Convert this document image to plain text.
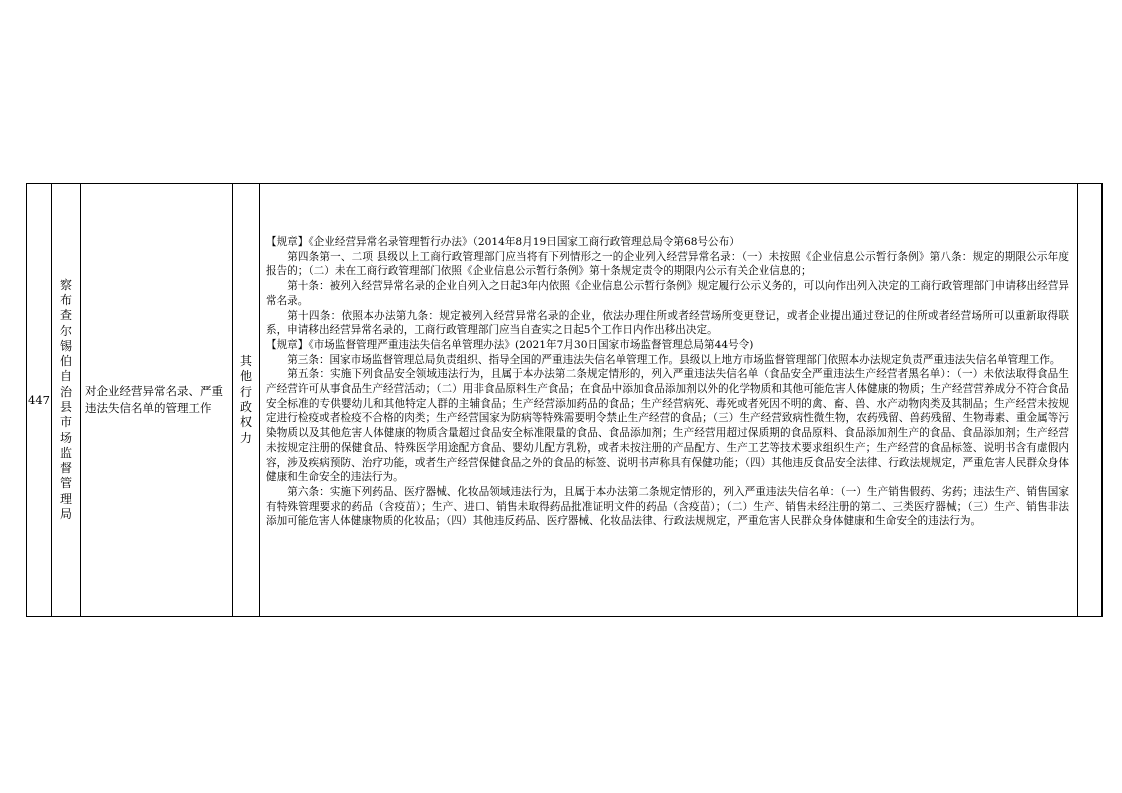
447
察布查尔锡伯自治县市场监督管理局
对企业经营异常名录、严重违法失信名单的管理工作
其他行政权力

【规章】《企业经营异常名录管理暂行办法》（2014年8月19日国家工商行政管理总局令第68号公布）

第四条第一、二项 县级以上工商行政管理部门应当将有下列情形之一的企业列入经营异常名录：（一）未按照《企业信息公示暂行条例》第八条：规定的期限公示年度报告的；（二）未在工商行政管理部门依照《企业信息公示暂行条例》第十条规定责令的期限内公示有关企业信息的；

第十条：被列入经营异常名录的企业自列入之日起3年内依照《企业信息公示暂行条例》规定履行公示义务的，可以向作出列入决定的工商行政管理部门申请移出经营异常名录。

第十四条：依照本办法第九条：规定被列入经营异常名录的企业，依法办理住所或者经营场所变更登记，或者企业提出通过登记的住所或者经营场所可以重新取得联系，申请移出经营异常名录的，工商行政管理部门应当自查实之日起5个工作日内作出移出决定。

【规章】《市场监督管理严重违法失信名单管理办法》(2021年7月30日国家市场监督管理总局第44号令)

第三条：国家市场监督管理总局负责组织、指导全国的严重违法失信名单管理工作。县级以上地方市场监督管理部门依照本办法规定负责严重违法失信名单管理工作。

第五条：实施下列食品安全领域违法行为，且属于本办法第二条规定情形的，列入严重违法失信名单（食品安全严重违法生产经营者黑名单）：（一）未依法取得食品生产经营许可从事食品生产经营活动；（二）用非食品原料生产食品；在食品中添加食品添加剂以外的化学物质和其他可能危害人体健康的物质；生产经营营养成分不符合食品安全标准的专供婴幼儿和其他特定人群的主辅食品；生产经营添加药品的食品；生产经营病死、毒死或者死因不明的禽、畜、兽、水产动物肉类及其制品；生产经营未按规定进行检疫或者检疫不合格的肉类；生产经营国家为防病等特殊需要明令禁止生产经营的食品；（三）生产经营致病性微生物，农药残留、兽药残留、生物毒素、重金属等污染物质以及其他危害人体健康的物质含量超过食品安全标准限量的食品、食品添加剂；生产经营用超过保质期的食品原料、食品添加剂生产的食品、食品添加剂；生产经营未按规定注册的保健食品、特殊医学用途配方食品、婴幼儿配方乳粉，或者未按注册的产品配方、生产工艺等技术要求组织生产；生产经营的食品标签、说明书含有虚假内容，涉及疾病预防、治疗功能，或者生产经营保健食品之外的食品的标签、说明书声称具有保健功能；（四）其他违反食品安全法律、行政法规规定，严重危害人民群众身体健康和生命安全的违法行为。

第六条：实施下列药品、医疗器械、化妆品领域违法行为，且属于本办法第二条规定情形的，列入严重违法失信名单：（一）生产销售假药、劣药；违法生产、销售国家有特殊管理要求的药品（含疫苗）；生产、进口、销售未取得药品批准证明文件的药品（含疫苗）；（二）生产、销售未经注册的第二、三类医疗器械；（三）生产、销售非法添加可能危害人体健康物质的化妆品；（四）其他违反药品、医疗器械、化妆品法律、行政法规规定，严重危害人民群众身体健康和生命安全的违法行为。
